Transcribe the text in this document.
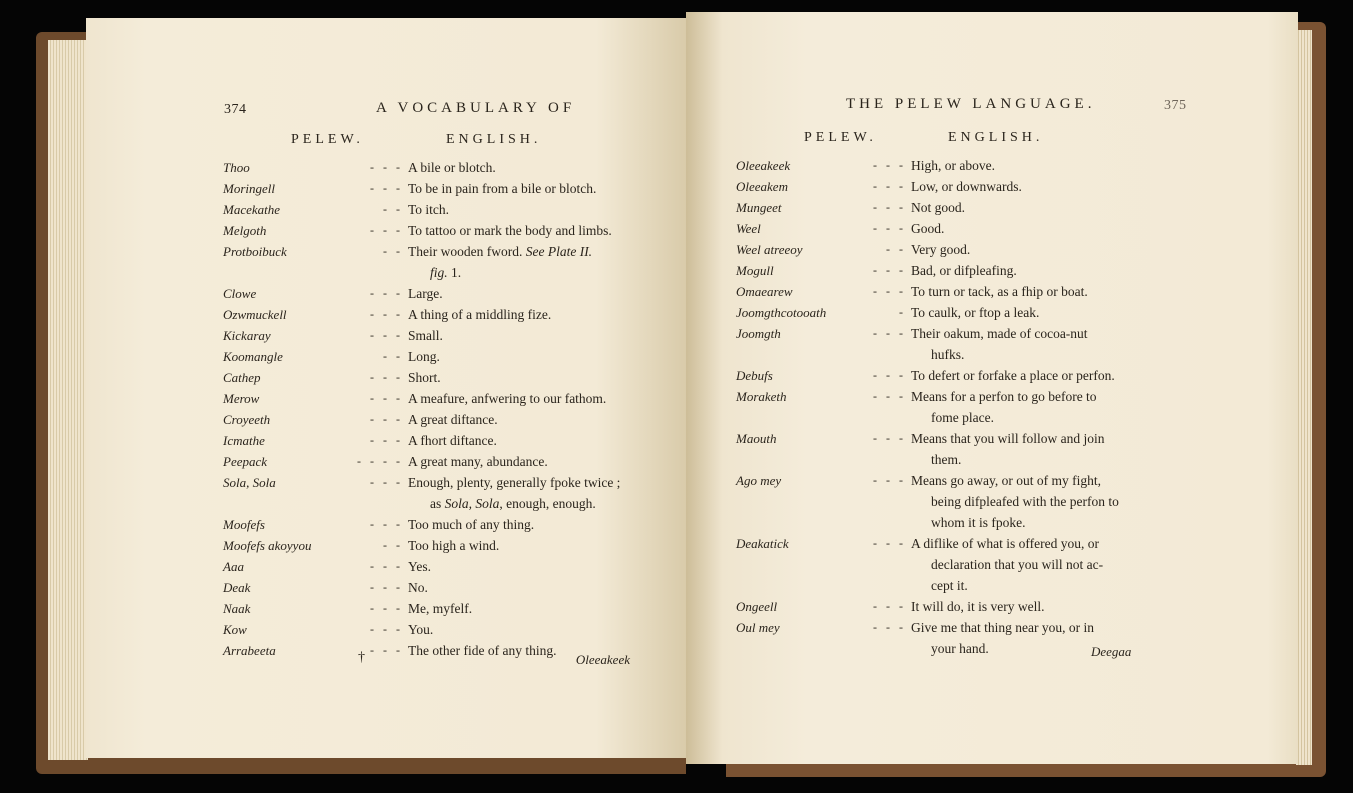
374	A VOCABULARY OF
PELEW.	ENGLISH.
Thoo	-   -   - A bile or blotch.
Moringell	-   -   - To be in pain from a bile or blotch.
Macekathe	-   - To itch.
Melgoth	-   -   - To tattoo or mark the body and limbs.
Protboibuck	-   - Their wooden fword. See Plate II.
fig. 1.
Clowe	-   -   - Large.
Ozwmuckell	-   -   - A thing of a middling fize.
Kickaray	-   -   - Small.
Koomangle	-   - Long.
Cathep	-   -   - Short.
Merow	-   -   - A meafure, anfwering to our fathom.
Croyeeth	-   -   - A great diftance.
Icmathe	-   -   - A fhort diftance.
Peepack	-   -   -   - A great many, abundance.
Sola, Sola	-   -   - Enough, plenty, generally fpoke twice ;
as Sola, Sola, enough, enough.
Moofefs	-   -   - Too much of any thing.
Moofefs akoyyou	-   - Too high a wind.
Aaa	-   -   - Yes.
Deak	-   -   - No.
Naak	-   -   - Me, myfelf.
Kow	-   -   - You.
Arrabeeta	-   -   - The other fide of any thing.
†	Oleeakeek
THE PELEW LANGUAGE.	375
PELEW.	ENGLISH.
Oleeakeek	-   -   - High, or above.
Oleeakem	-   -   - Low, or downwards.
Mungeet	-   -   - Not good.
Weel	-   -   - Good.
Weel atreeoy	-   - Very good.
Mogull	-   -   - Bad, or difpleafing.
Omaearew	-   -   - To turn or tack, as a fhip or boat.
Joomgthcotooath	- To caulk, or ftop a leak.
Joomgth	-   -   - Their oakum, made of cocoa-nut
hufks.
Debufs	-   -   - To defert or forfake a place or perfon.
Moraketh	-   -   - Means for a perfon to go before to
fome place.
Maouth	-   -   - Means that you will follow and join
them.
Ago mey	-   -   - Means go away, or out of my fight,
being difpleafed with the perfon to
whom it is fpoke.
Deakatick	-   -   - A diflike of what is offered you, or
declaration that you will not ac-
cept it.
Ongeell	-   -   - It will do, it is very well.
Oul mey	-   -   - Give me that thing near you, or in
your hand.	Deegaa
